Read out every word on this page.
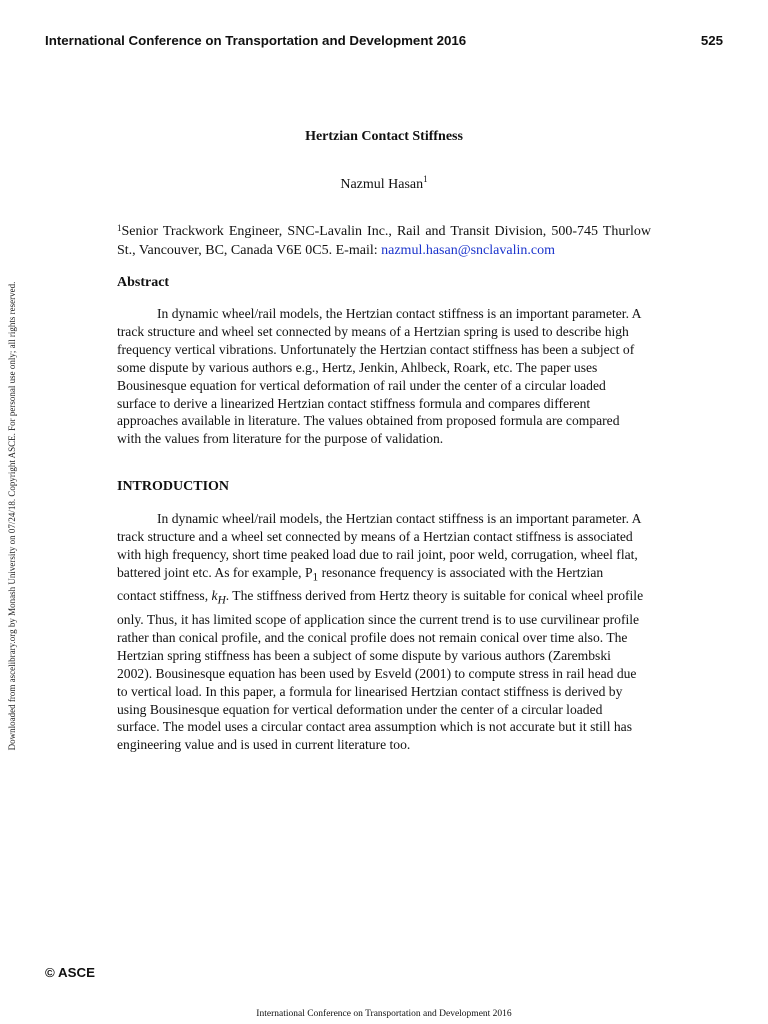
International Conference on Transportation and Development 2016	525
Downloaded from ascelibrary.org by Monash University on 07/24/18. Copyright ASCE. For personal use only; all rights reserved.
Hertzian Contact Stiffness
Nazmul Hasan$^1$
$^1$Senior Trackwork Engineer, SNC-Lavalin Inc., Rail and Transit Division, 500-745 Thurlow St., Vancouver, BC, Canada V6E 0C5. E-mail: nazmul.hasan@snclavalin.com
Abstract

In dynamic wheel/rail models, the Hertzian contact stiffness is an important parameter. A track structure and wheel set connected by means of a Hertzian spring is used to describe high frequency vertical vibrations. Unfortunately the Hertzian contact stiffness has been a subject of some dispute by various authors e.g., Hertz, Jenkin, Ahlbeck, Roark, etc. The paper uses Bousinesque equation for vertical deformation of rail under the center of a circular loaded surface to derive a linearized Hertzian contact stiffness formula and compares different approaches available in literature. The values obtained from proposed formula are compared with the values from literature for the purpose of validation.

INTRODUCTION

In dynamic wheel/rail models, the Hertzian contact stiffness is an important parameter. A track structure and a wheel set connected by means of a Hertzian contact stiffness is associated with high frequency, short time peaked load due to rail joint, poor weld, corrugation, wheel flat, battered joint etc. As for example, $P_1$ resonance frequency is associated with the Hertzian contact stiffness, $k_H$. The stiffness derived from Hertz theory is suitable for conical wheel profile only. Thus, it has limited scope of application since the current trend is to use curvilinear profile rather than conical profile, and the conical profile does not remain conical over time also. The Hertzian spring stiffness has been a subject of some dispute by various authors (Zarembski 2002). Bousinesque equation has been used by Esveld (2001) to compute stress in rail head due to vertical load. In this paper, a formula for linearised Hertzian contact stiffness is derived by using Bousinesque equation for vertical deformation under the center of a circular loaded surface. The model uses a circular contact area assumption which is not accurate but it still has engineering value and is used in current literature too.

© ASCE
International Conference on Transportation and Development 2016
